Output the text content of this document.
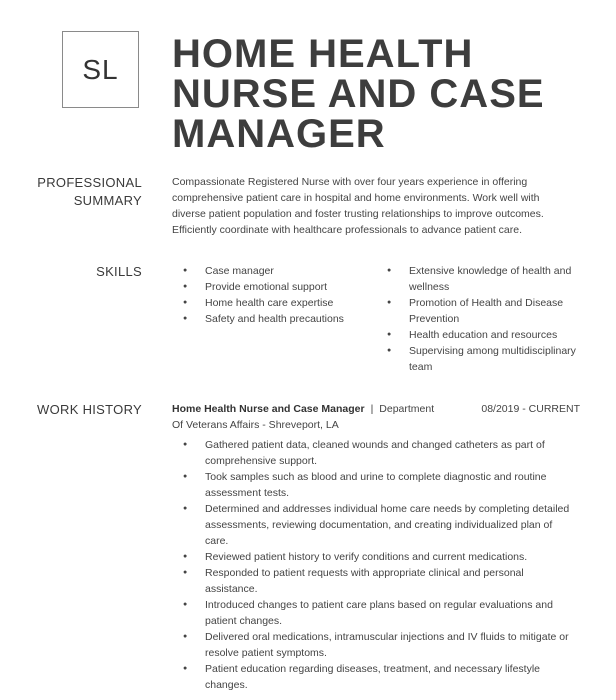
SL HOME HEALTH
NURSE AND CASE
MANAGER
PROFESSIONAL
SUMMARY

Compassionate Registered Nurse with over four years experience in offering
comprehensive patient care in hospital and home environments. Work well with
diverse patient population and foster trusting relationships to improve outcomes.
Efficiently coordinate with healthcare professionals to advance patient care.

SKILLS	● Case manager
● Provide emotional support
● Home health care expertise
● Safety and health precautions
● Extensive knowledge of health and
wellness
● Promotion of Health and Disease
Prevention
● Health education and resources
● Supervising among multidisciplinary
team
WORK HISTORY	Home Health Nurse and Case Manager | Department	08/2019 - CURRENT
Of Veterans Affairs - Shreveport, LA
● Gathered patient data, cleaned wounds and changed catheters as part of
comprehensive support.
● Took samples such as blood and urine to complete diagnostic and routine
assessment tests.
● Determined and addresses individual home care needs by completing detailed
assessments, reviewing documentation, and creating individualized plan of
care.
● Reviewed patient history to verify conditions and current medications.
● Responded to patient requests with appropriate clinical and personal
assistance.
● Introduced changes to patient care plans based on regular evaluations and
patient changes.
● Delivered oral medications, intramuscular injections and IV fluids to mitigate or
resolve patient symptoms.
● Patient education regarding diseases, treatment, and necessary lifestyle
changes.
